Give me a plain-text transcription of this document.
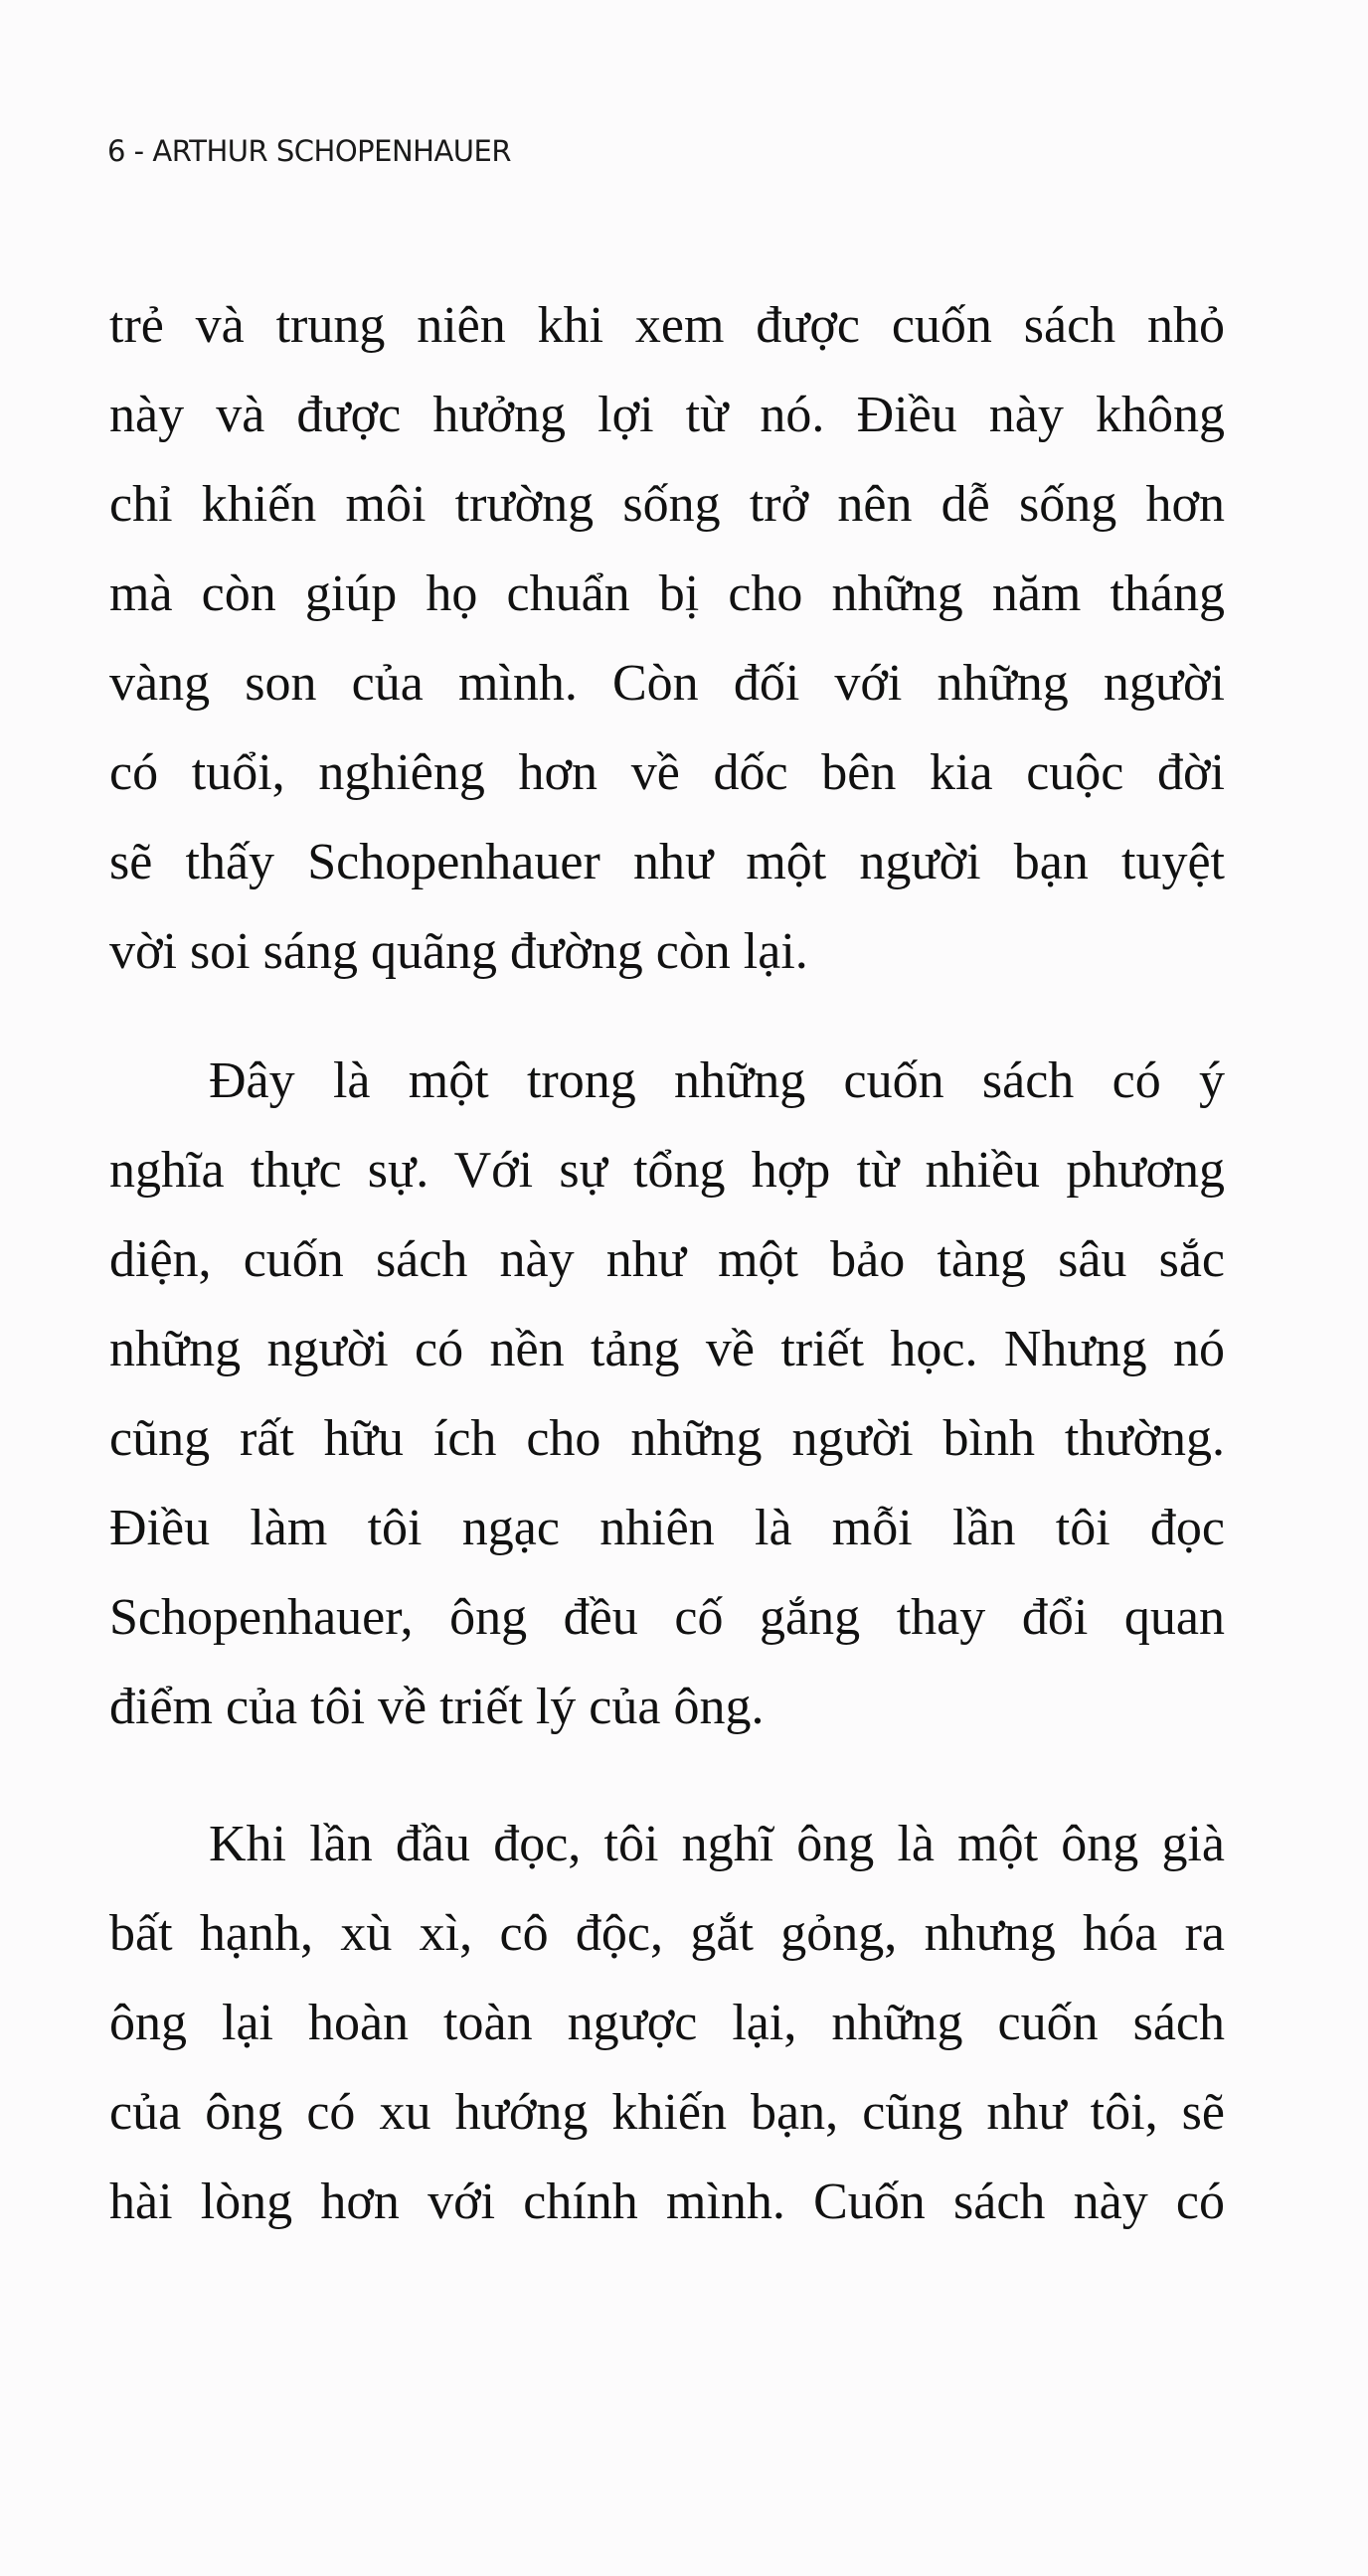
6 - ARTHUR SCHOPENHAUER
trẻ và trung niên khi xem được cuốn sách nhỏ
này và được hưởng lợi từ nó. Điều này không
chỉ khiến môi trường sống trở nên dễ sống hơn
mà còn giúp họ chuẩn bị cho những năm tháng
vàng son của mình. Còn đối với những người
có tuổi, nghiêng hơn về dốc bên kia cuộc đời
sẽ thấy Schopenhauer như một người bạn tuyệt
vời soi sáng quãng đường còn lại.
Đây là một trong những cuốn sách có ý
nghĩa thực sự. Với sự tổng hợp từ nhiều phương
diện, cuốn sách này như một bảo tàng sâu sắc
những người có nền tảng về triết học. Nhưng nó
cũng rất hữu ích cho những người bình thường.
Điều làm tôi ngạc nhiên là mỗi lần tôi đọc
Schopenhauer, ông đều cố gắng thay đổi quan
điểm của tôi về triết lý của ông.
Khi lần đầu đọc, tôi nghĩ ông là một ông già
bất hạnh, xù xì, cô độc, gắt gỏng, nhưng hóa ra
ông lại hoàn toàn ngược lại, những cuốn sách
của ông có xu hướng khiến bạn, cũng như tôi, sẽ
hài lòng hơn với chính mình. Cuốn sách này có
